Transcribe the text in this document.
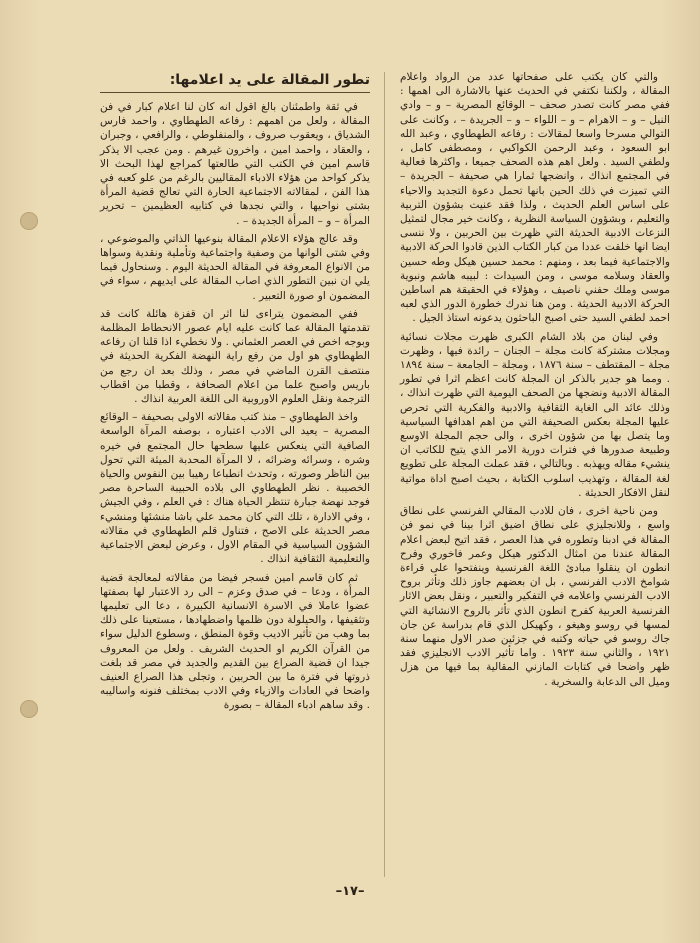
تطور المقالة على يد اعلامها:	والتي كان يكتب على صفحاتها عدد من الرواد واعلام المقالة ، ولكننا نكتفي في الحديث عنها بالاشارة الى اهمها : ففي مصر كانت تصدر صحف – الوقائع المصرية – و – وادي النيل – و – الاهرام – و – اللواء – و – الجريدة – ، وكانت على التوالي مسرحا واسعا لمقالات : رفاعه الطهطاوي ، وعبد الله ابو السعود ، وعبد الرحمن الكواكبي ، ومصطفى كامل ، ولطفي السيد . ولعل اهم هذه الصحف جميعا ، واكثرها فعالية في المجتمع انذاك ، وانضجها ثمارا هي صحيفة – الجريدة – التي تميزت في ذلك الحين بانها تحمل دعوة التجديد والاحياء على اساس العلم الحديث ، ولذا فقد عنيت بشؤون التربية والتعليم ، وبشؤون السياسة النظرية ، وكانت خير مجال لتمثيل النزعات الادبية الحديثة التي ظهرت بين الحربين ، ولا ننسى ايضا انها خلقت عددا من كبار الكتاب الذين قادوا الحركة الادبية والاجتماعية فيما بعد ، ومنهم : محمد حسين هيكل وطه حسين والعقاد وسلامه موسى ، ومن السيدات : لبيبه هاشم ونبوية موسى وملك حفني ناصيف ، وهؤلاء في الحقيقة هم اساطين الحركة الادبية الحديثة . ومن هنا ندرك خطورة الدور الذي لعبه احمد لطفي السيد حتى اصبح الباحثون يدعونه استاذ الجيل .

وفي لبنان من بلاد الشام الكبرى ظهرت مجلات نسائية ومجلات مشتركة كانت مجلة – الجنان – رائدة فيها ، وظهرت مجلة – المقتطف – سنة ١٨٧٦ ، ومجلة – الجامعة – سنة ١٨٩٤ . ومما هو جدير بالذكر ان المجلة كانت اعظم اثرا في تطور المقالة الادبية ونضجها من الصحف اليومية التي ظهرت انذاك ، وذلك عائد الى الغاية الثقافية والادبية والفكرية التي تحرص عليها المجلة بعكس الصحيفة التي من اهم اهدافها السياسية وما يتصل بها من شؤون اخرى ، والى حجم المجلة الاوسع وطبيعة صدورها في فترات دورية الامر الذي يتيح للكاتب ان ينشيء مقاله ويهذبه . وبالتالي ، فقد عملت المجلة على تطويع لغة المقالة ، وتهذيب اسلوب الكتابة ، بحيث اصبح اداة مواتية لنقل الافكار الحديثة .

ومن ناحية اخرى ، فان للادب المقالي الفرنسي على نطاق واسع ، وللانجليزي على نطاق اضيق اثرا بينا في نمو فن المقالة في ادبنا وتطوره في هذا العصر ، فقد اتيح لبعض اعلام المقالة عندنا من امثال الدكتور هيكل وعمر فاخوري وفرح انطون ان ينقلوا مبادئ اللغة الفرنسية وينفتحوا على قراءة شوامخ الادب الفرنسي ، بل ان بعضهم جاوز ذلك وتأثر بروح الادب الفرنسي واعلامه في التفكير والتعبير ، ونقل بعض الاثار الفرنسية العربية كفرح انطون الذي تأثر بالروح الانشائية التي لمسها في روسو وهيغو ، وكهيكل الذي قام بدراسة عن جان جاك روسو في حياته وكتبه في جزئين صدر الاول منهما سنة ١٩٢١ ، والثاني سنة ١٩٢٣ . واما تأثير الادب الانجليزي فقد ظهر واضحا في كتابات المازني المقالية بما فيها من هزل وميل الى الدعابة والسخرية .

في ثقة واطمئنان بالغ اقول انه كان لنا اعلام كبار في فن المقالة ، ولعل من اهمهم : رفاعه الطهطاوي ، واحمد فارس الشدياق ، ويعقوب صروف ، والمنفلوطي ، والرافعي ، وجبران ، والعقاد ، واحمد امين ، واخرون غيرهم . ومن عجب الا يذكر قاسم امين في الكتب التي طالعتها كمراجع لهذا البحث الا يذكر كواحد من هؤلاء الادباء المقاليين بالرغم من علو كعبه في هذا الفن ، لمقالاته الاجتماعية الحارة التي تعالج قضية المرأة بشتى نواحيها ، والتي نجدها في كتابيه العظيمين – تحرير المرأة – و – المرأة الجديدة – .

وقد عالج هؤلاء الاعلام المقالة بنوعيها الذاتي والموضوعي ، وفي شتى الوانها من وصفية واجتماعية وتأملية ونقدية وسواها من الانواع المعروفة في المقالة الحديثة اليوم . وسنحاول فيما يلي ان نبين التطور الذي اصاب المقالة على ايديهم ، سواء في المضمون او صورة التعبير .

ففي المضمون يتراءى لنا اثر ان قفزة هائلة كانت قد تقدمتها المقالة عما كانت عليه ايام عصور الانحطاط المظلمة وبوجه اخص في العصر العثماني . ولا نخطيء اذا قلنا ان رفاعه الطهطاوي هو اول من رفع راية النهضة الفكرية الحديثة في منتصف القرن الماضي في مصر ، وذلك بعد ان رجع من باريس واصبح علما من اعلام الصحافة ، وقطبا من اقطاب الترجمة ونقل العلوم الاوروبية الى اللغة العربية انذاك .

واخذ الطهطاوي – منذ كتب مقالاته الاولى بصحيفة – الوقائع المصرية – يعيد الى الادب اعتباره ، بوصفه المرآة الواسعة الصافية التي ينعكس عليها سطحها حال المجتمع في خيره وشره ، وسرائه وضرائه ، لا المرآة المحدبة الميئة التي تحول بين الناظر وصورته ، وتحدث انطباعا رهيبا بين النفوس والحياة الخصيبة . نظر الطهطاوي الى بلاده الحبيبة الساحرة مصر فوجد نهضة جبارة تنتظر الحياة هناك : في العلم ، وفي الجيش ، وفي الادارة ، تلك التي كان محمد علي باشا منشئها ومنشيء مصر الحديثة على الاصح ، فتناول قلم الطهطاوي في مقالاته الشؤون السياسية في المقام الاول ، وعرض لبعض الاجتماعية والتعليمية الثقافية انذاك .

ثم كان قاسم امين فسجر فيضا من مقالاته لمعالجة قضية المرأة ، ودعا – في صدق وعزم – الى رد الاعتبار لها بصفتها عضوا عاملا في الاسرة الانسانية الكبيرة ، دعا الى تعليمها وتثقيفها ، والحيلولة دون ظلمها واضطهادها ، مستعينا على ذلك بما وهب من تأثير الاديب وقوة المنطق ، وسطوع الدليل سواء من القرآن الكريم او الحديث الشريف . ولعل من المعروف جيدا ان قضية الصراع بين القديم والجديد في مصر قد بلغت ذروتها في فترة ما بين الحربين ، وتجلى هذا الصراع العنيف واضحا في العادات والازياء وفي الادب بمختلف فنونه واساليبه . وقد ساهم ادباء المقالة – بصورة

–١٧–
